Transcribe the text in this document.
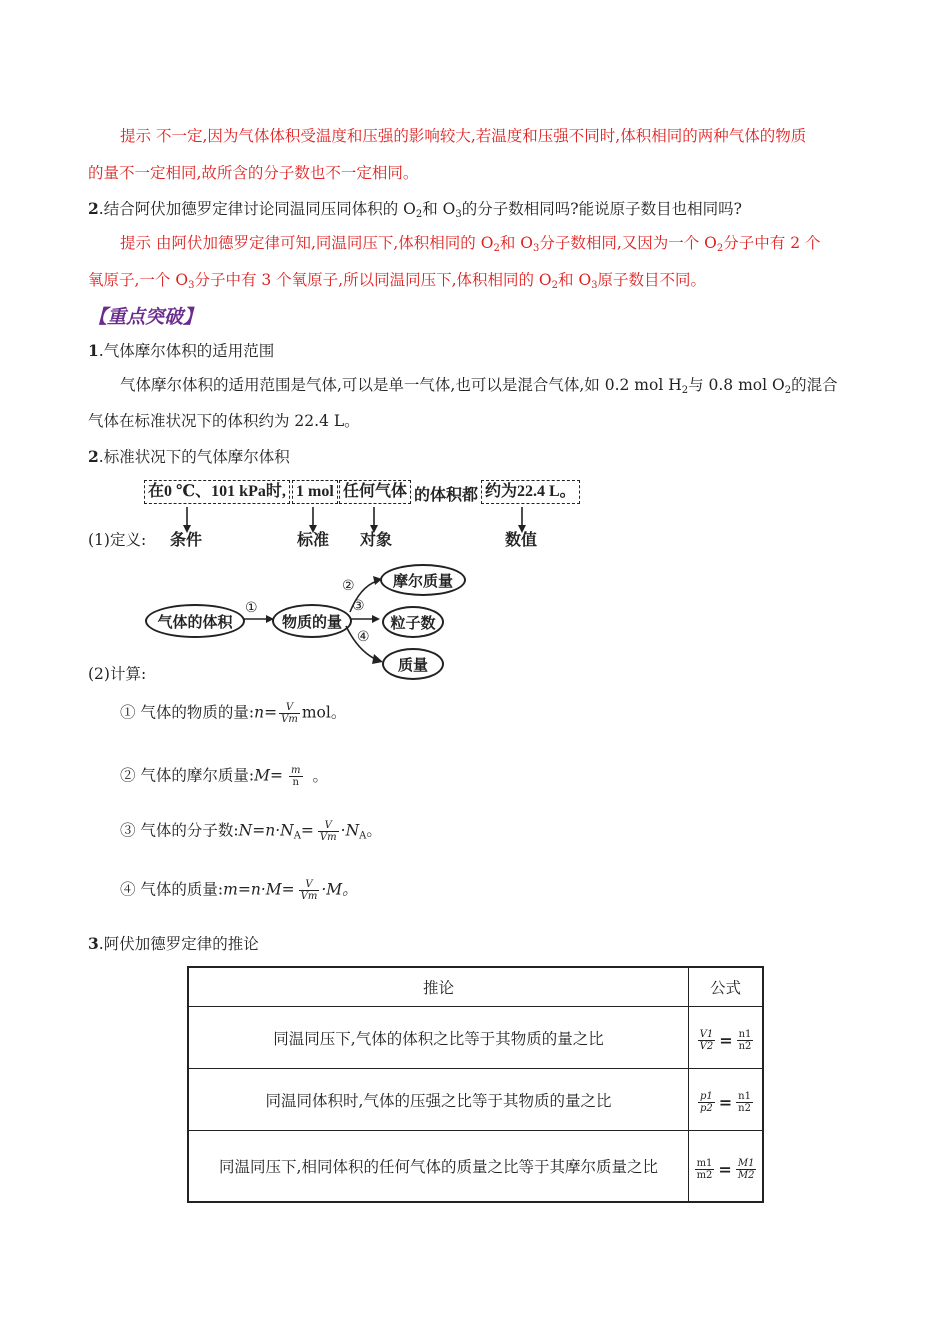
提示 不一定,因为气体体积受温度和压强的影响较大,若温度和压强不同时,体积相同的两种气体的物质
的量不一定相同,故所含的分子数也不一定相同。
2.结合阿伏加德罗定律讨论同温同压同体积的 $O_2$和 $O_3$的分子数相同吗?能说原子数目也相同吗?
提示 由阿伏加德罗定律可知,同温同压下,体积相同的 $O_2$和 $O_3$分子数相同,又因为一个 $O_2$分子中有 2 个
氧原子,一个 $O_3$分子中有 3 个氧原子,所以同温同压下,体积相同的 $O_2$和 $O_3$原子数目不同。
【重点突破】
1.气体摩尔体积的适用范围
气体摩尔体积的适用范围是气体,可以是单一气体,也可以是混合气体,如 0.2 mol $H_2$与 0.8 mol $O_2$的混合
气体在标准状况下的体积约为 22.4 L。
2.标准状况下的气体摩尔体积
在0 ℃、101 kPa时, 1 mol 任何气体 的体积都 约为22.4 L。
(1)定义:	条件	标准 对象	数值
气体的体积	物质的量
摩尔质量
粒子数
质量
①
②
③
④
(2)计算:
① 气体的物质的量:n= $\frac{V}{Vm}$ mol。
② 气体的摩尔质量:M= $\frac{m}{n}$ 。
③ 气体的分子数$:N=n\cdot N_A= \frac{V}{Vm} \cdot N_A$。
④ 气体的质量:m=n·M= $\frac{V}{Vm} \cdot M$。
3.阿伏加德罗定律的推论
推论	公式
同温同压下,气体的体积之比等于其物质的量之比	$\frac{V1}{V2} = \frac{n1}{n2}$

同温同体积时,气体的压强之比等于其物质的量之比	$\frac{p1}{p2} = \frac{n1}{n2}$

同温同压下,相同体积的任何气体的质量之比等于其摩尔质量之比	$\frac{m1}{m2} = \frac{M1}{M2}$
